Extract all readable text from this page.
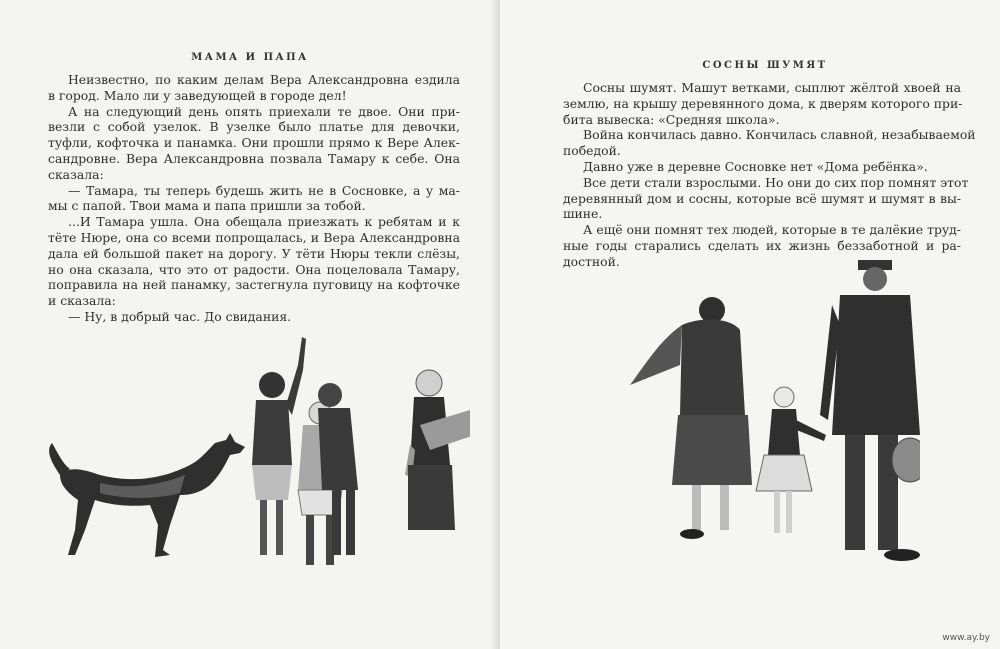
МАМА И ПАПА
Неизвестно, по каким делам Вера Александровна ездила
в город. Мало ли у заведующей в городе дел!
А на следующий день опять приехали те двое. Они при-
везли с собой узелок. В узелке было платье для девочки,
туфли, кофточка и панамка. Они прошли прямо к Вере Алек-
сандровне. Вера Александровна позвала Тамару к себе. Она
сказала:
— Тамара, ты теперь будешь жить не в Сосновке, а у ма-
мы с папой. Твои мама и папа пришли за тобой.
...И Тамара ушла. Она обещала приезжать к ребятам и к
тёте Нюре, она со всеми попрощалась, и Вера Александровна
дала ей большой пакет на дорогу. У тёти Нюры текли слёзы,
но она сказала, что это от радости. Она поцеловала Тамару,
поправила на ней панамку, застегнула пуговицу на кофточке
и сказала:
— Ну, в добрый час. До свидания.
СОСНЫ ШУМЯТ
Сосны шумят. Машут ветками, сыплют жёлтой хвоей на
землю, на крышу деревянного дома, к дверям которого при-
бита вывеска: «Средняя школа».
Война кончилась давно. Кончилась славной, незабываемой
победой.
Давно уже в деревне Сосновке нет «Дома ребёнка».
Все дети стали взрослыми. Но они до сих пор помнят этот
деревянный дом и сосны, которые всё шумят и шумят в вы-
шине.
А ещё они помнят тех людей, которые в те далёкие труд-
ные годы старались сделать их жизнь беззаботной и ра-
достной.
www.ay.by
